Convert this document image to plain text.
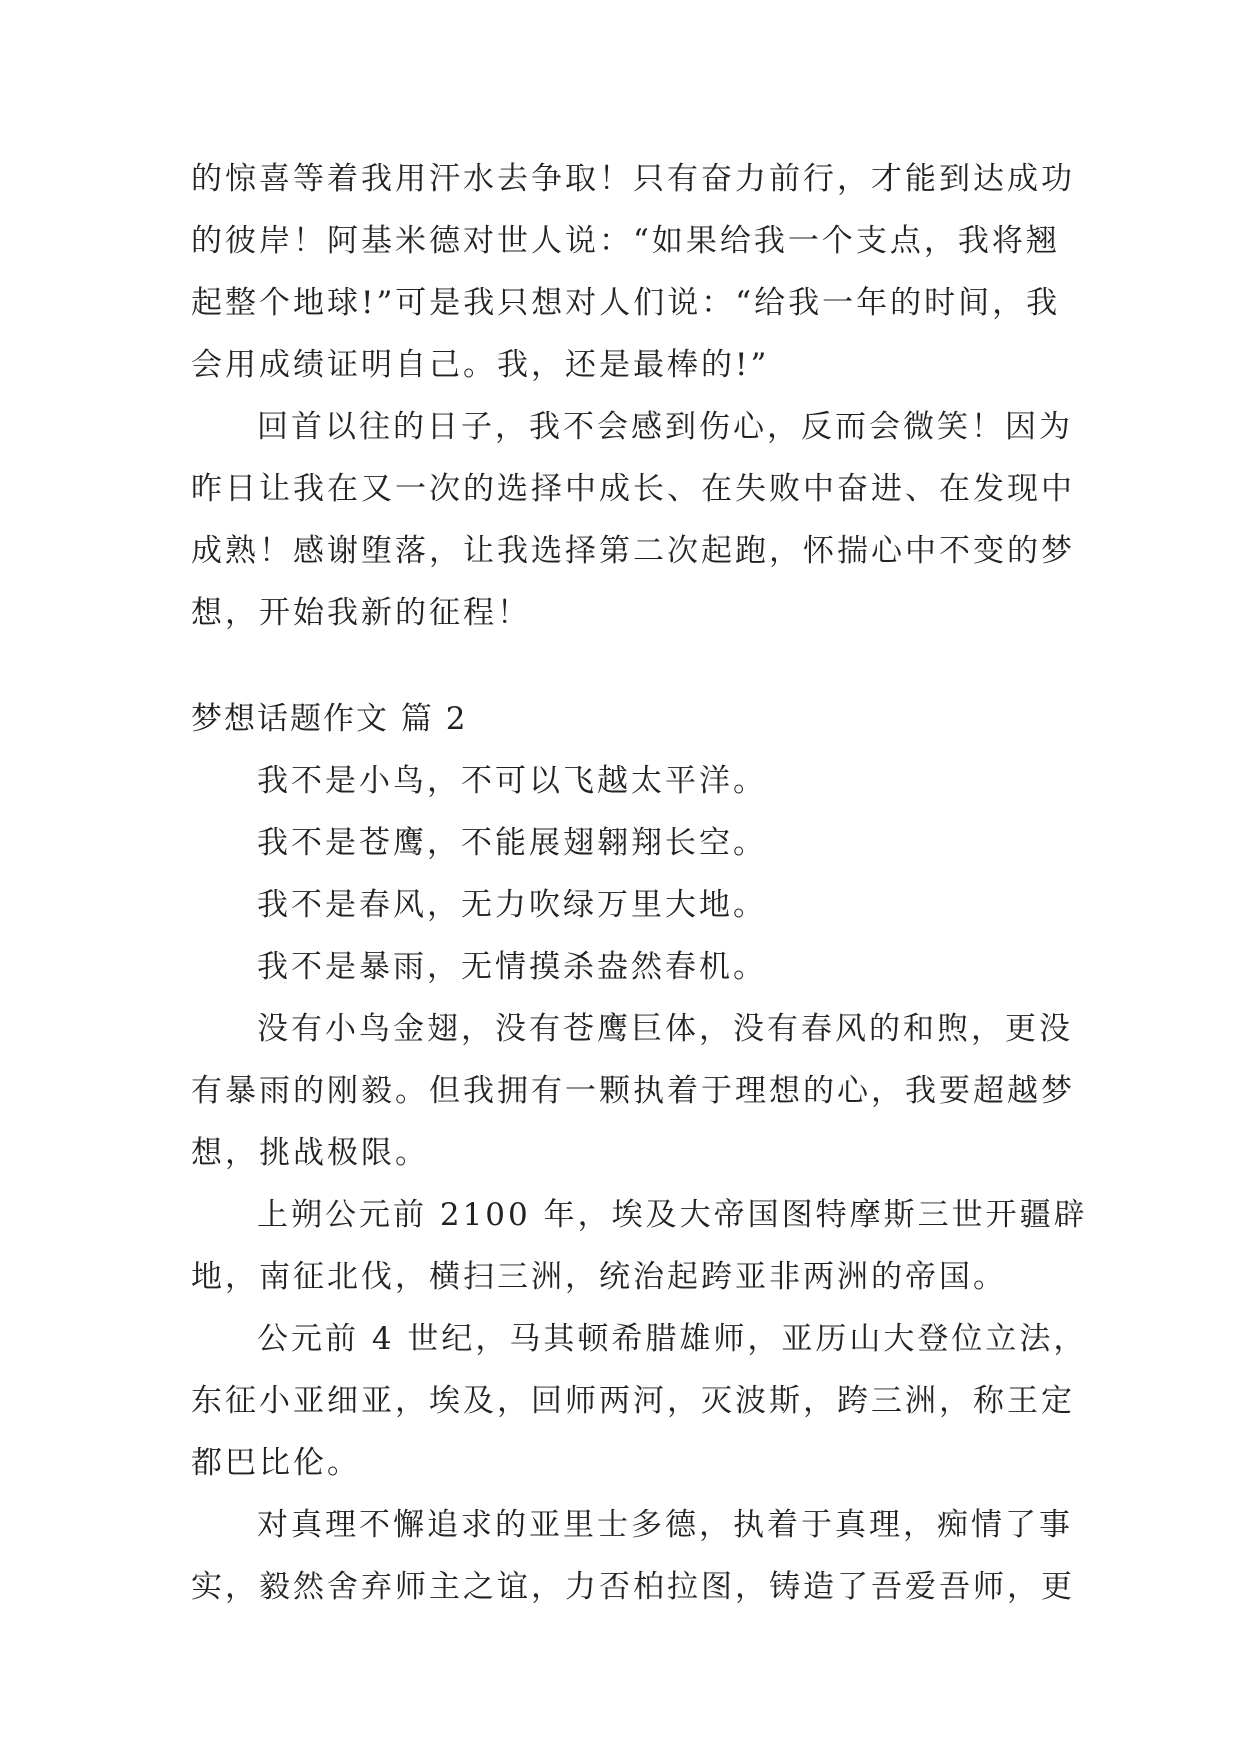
的惊喜等着我用汗水去争取！只有奋力前行，才能到达成功
的彼岸！阿基米德对世人说：“如果给我一个支点，我将翘
起整个地球!”可是我只想对人们说：“给我一年的时间，我
会用成绩证明自己。我，还是最棒的!”

回首以往的日子，我不会感到伤心，反而会微笑！因为
昨日让我在又一次的选择中成长、在失败中奋进、在发现中
成熟！感谢堕落，让我选择第二次起跑，怀揣心中不变的梦
想，开始我新的征程！

梦想话题作文 篇 2

我不是小鸟，不可以飞越太平洋。
我不是苍鹰，不能展翅翱翔长空。
我不是春风，无力吹绿万里大地。
我不是暴雨，无情摸杀盎然春机。

没有小鸟金翅，没有苍鹰巨体，没有春风的和煦，更没
有暴雨的刚毅。但我拥有一颗执着于理想的心，我要超越梦
想，挑战极限。

上朔公元前 2100 年，埃及大帝国图特摩斯三世开疆辟
地，南征北伐，横扫三洲，统治起跨亚非两洲的帝国。

公元前 4 世纪，马其顿希腊雄师，亚历山大登位立法，
东征小亚细亚，埃及，回师两河，灭波斯，跨三洲，称王定
都巴比伦。

对真理不懈追求的亚里士多德，执着于真理，痴情了事
实，毅然舍弃师主之谊，力否柏拉图，铸造了吾爱吾师，更
